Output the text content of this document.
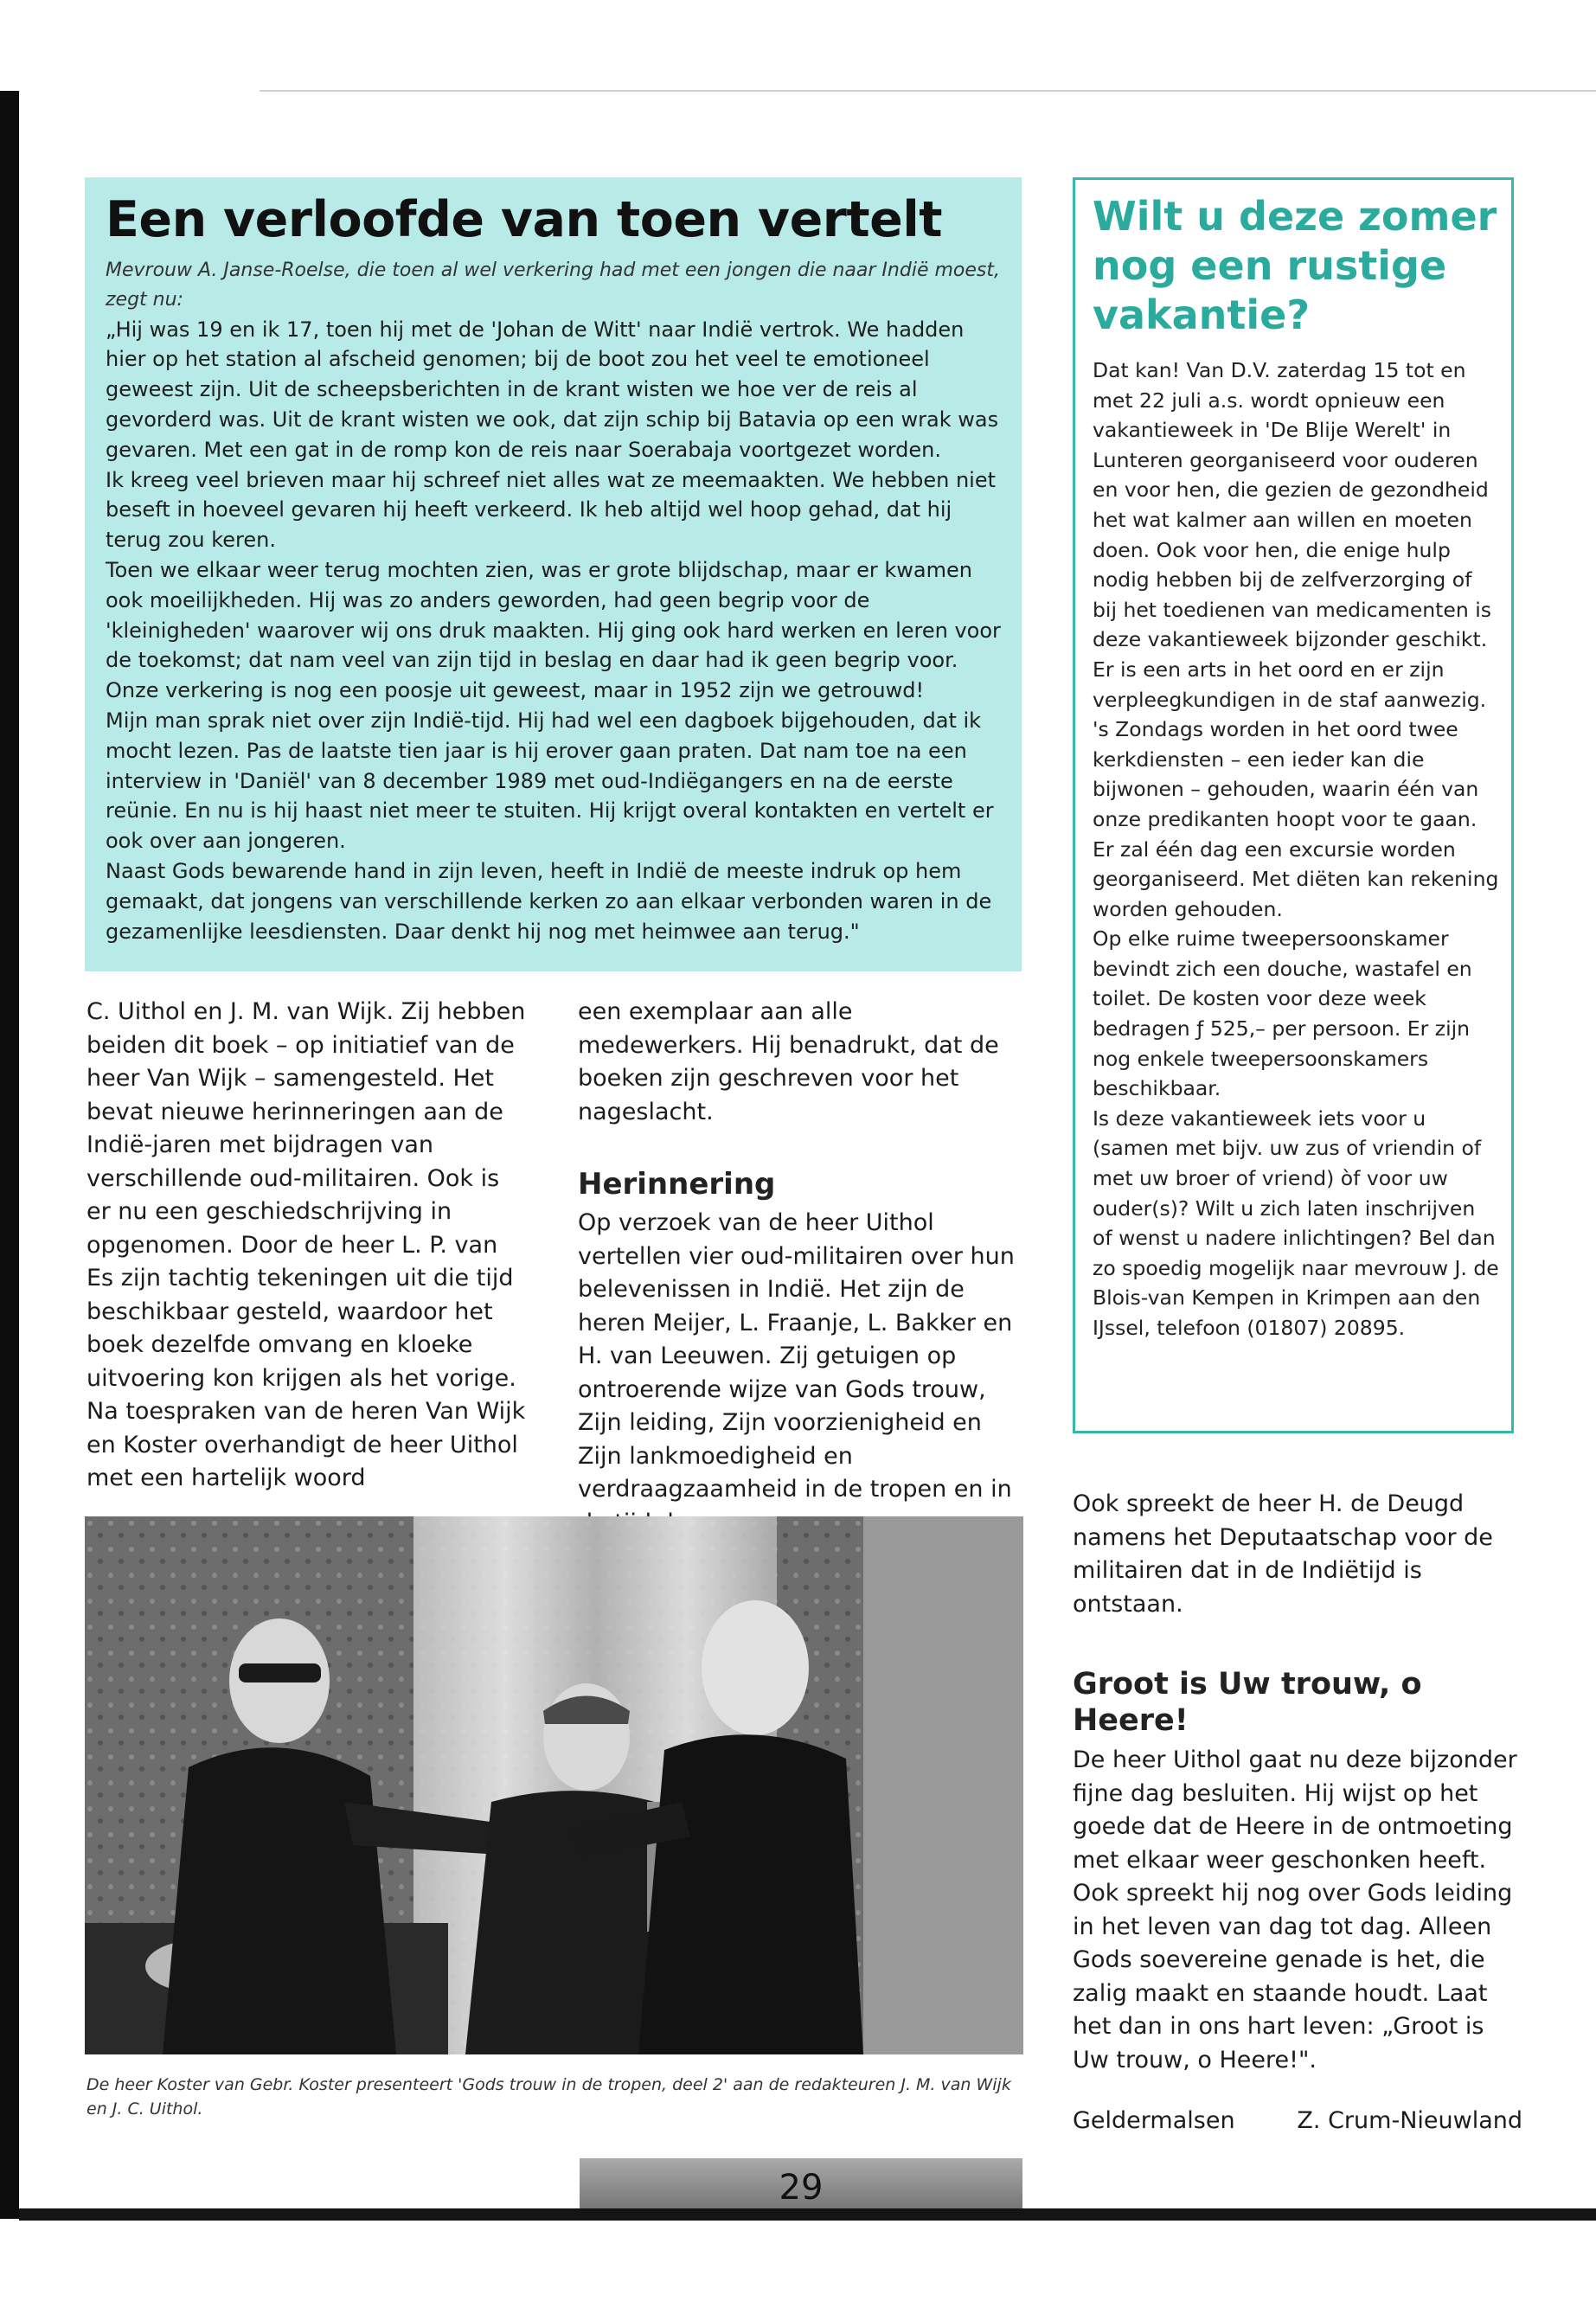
Een verloofde van toen vertelt

Mevrouw A. Janse-Roelse, die toen al wel verkering had met een jongen die naar Indië moest, zegt nu:

„Hij was 19 en ik 17, toen hij met de 'Johan de Witt' naar Indië vertrok. We hadden hier op het station al afscheid genomen; bij de boot zou het veel te emotioneel geweest zijn. Uit de scheepsberichten in de krant wisten we hoe ver de reis al gevorderd was. Uit de krant wisten we ook, dat zijn schip bij Batavia op een wrak was gevaren. Met een gat in de romp kon de reis naar Soerabaja voortgezet worden.

Ik kreeg veel brieven maar hij schreef niet alles wat ze meemaakten. We hebben niet beseft in hoeveel gevaren hij heeft verkeerd. Ik heb altijd wel hoop gehad, dat hij terug zou keren.

Toen we elkaar weer terug mochten zien, was er grote blijdschap, maar er kwamen ook moeilijkheden. Hij was zo anders geworden, had geen begrip voor de 'kleinigheden' waarover wij ons druk maakten. Hij ging ook hard werken en leren voor de toekomst; dat nam veel van zijn tijd in beslag en daar had ik geen begrip voor.

Onze verkering is nog een poosje uit geweest, maar in 1952 zijn we getrouwd!

Mijn man sprak niet over zijn Indië-tijd. Hij had wel een dagboek bijgehouden, dat ik mocht lezen. Pas de laatste tien jaar is hij erover gaan praten. Dat nam toe na een interview in 'Daniël' van 8 december 1989 met oud-Indiëgangers en na de eerste reünie. En nu is hij haast niet meer te stuiten. Hij krijgt overal kontakten en vertelt er ook over aan jongeren.

Naast Gods bewarende hand in zijn leven, heeft in Indië de meeste indruk op hem gemaakt, dat jongens van verschillende kerken zo aan elkaar verbonden waren in de gezamenlijke leesdiensten. Daar denkt hij nog met heimwee aan terug."

Wilt u deze zomer nog een rustige vakantie?

Dat kan! Van D.V. zaterdag 15 tot en met 22 juli a.s. wordt opnieuw een vakantieweek in 'De Blije Werelt' in Lunteren georganiseerd voor ouderen en voor hen, die gezien de gezondheid het wat kalmer aan willen en moeten doen. Ook voor hen, die enige hulp nodig hebben bij de zelfverzorging of bij het toedienen van medicamenten is deze vakantieweek bijzonder geschikt.

Er is een arts in het oord en er zijn verpleegkundigen in de staf aanwezig. 's Zondags worden in het oord twee kerkdiensten – een ieder kan die bijwonen – gehouden, waarin één van onze predikanten hoopt voor te gaan. Er zal één dag een excursie worden georganiseerd. Met diëten kan rekening worden gehouden.

Op elke ruime tweepersoonskamer bevindt zich een douche, wastafel en toilet. De kosten voor deze week bedragen ƒ 525,– per persoon. Er zijn nog enkele tweepersoonskamers beschikbaar.

Is deze vakantieweek iets voor u (samen met bijv. uw zus of vriendin of met uw broer of vriend) òf voor uw ouder(s)? Wilt u zich laten inschrijven of wenst u nadere inlichtingen? Bel dan zo spoedig mogelijk naar mevrouw J. de Blois-van Kempen in Krimpen aan den IJssel, telefoon (01807) 20895.

C. Uithol en J. M. van Wijk. Zij hebben beiden dit boek – op initiatief van de heer Van Wijk – samengesteld. Het bevat nieuwe herinneringen aan de Indië-jaren met bijdragen van verschillende oud-militairen. Ook is er nu een geschiedschrijving in opgenomen. Door de heer L. P. van Es zijn tachtig tekeningen uit die tijd beschikbaar gesteld, waardoor het boek dezelfde omvang en kloeke uitvoering kon krijgen als het vorige. Na toespraken van de heren Van Wijk en Koster overhandigt de heer Uithol met een hartelijk woord

een exemplaar aan alle medewerkers. Hij benadrukt, dat de boeken zijn geschreven voor het nageslacht.

Herinnering

Op verzoek van de heer Uithol vertellen vier oud-militairen over hun belevenissen in Indië. Het zijn de heren Meijer, L. Fraanje, L. Bakker en H. van Leeuwen. Zij getuigen op ontroerende wijze van Gods trouw, Zijn leiding, Zijn voorzienigheid en Zijn lankmoedigheid en verdraagzaamheid in de tropen en in

Ook spreekt de heer H. de Deugd namens het Deputaatschap voor de militairen dat in de Indiëtijd is ontstaan.

Groot is Uw trouw, o Heere!

De heer Uithol gaat nu deze bijzonder fijne dag besluiten. Hij wijst op het goede dat de Heere in de ontmoeting met elkaar weer geschonken heeft. Ook spreekt hij nog over Gods leiding in het leven van dag tot dag. Alleen Gods soevereine genade is het, die zalig maakt en staande houdt. Laat het dan in ons hart leven: „Groot is Uw trouw, o Heere!".

Geldermalsen	Z. Crum-Nieuwland

De heer Koster van Gebr. Koster presenteert 'Gods trouw in de tropen, deel 2' aan de redakteuren J. M. van Wijk en J. C. Uithol.

29
